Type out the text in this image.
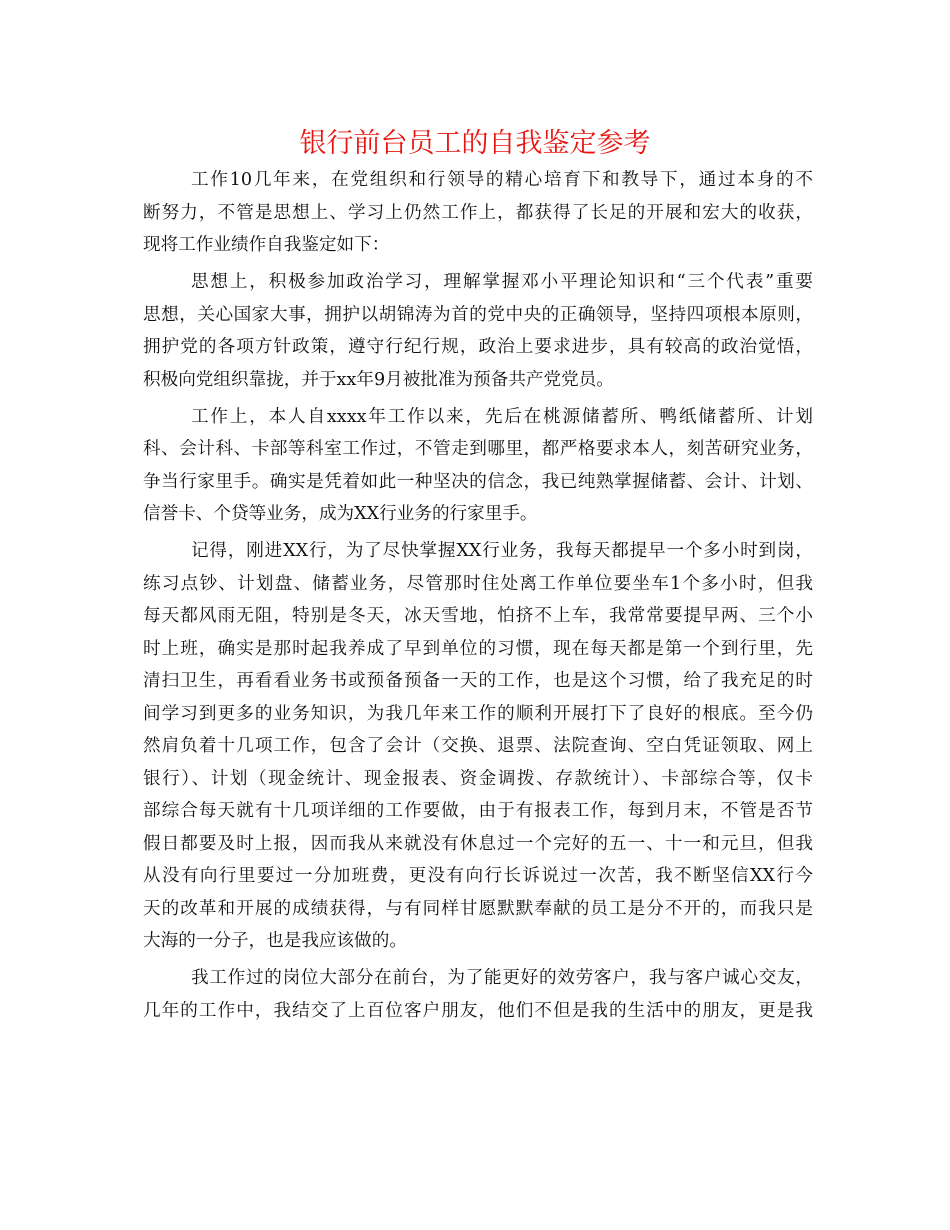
银行前台员工的自我鉴定参考
工作10几年来，在党组织和行领导的精心培育下和教导下，通过本身的不
断努力，不管是思想上、学习上仍然工作上，都获得了长足的开展和宏大的收获，
现将工作业绩作自我鉴定如下：
思想上，积极参加政治学习，理解掌握邓小平理论知识和“三个代表”重要
思想，关心国家大事，拥护以胡锦涛为首的党中央的正确领导，坚持四项根本原则，
拥护党的各项方针政策，遵守行纪行规，政治上要求进步，具有较高的政治觉悟，
积极向党组织靠拢，并于xx年9月被批准为预备共产党党员。
工作上，本人自xxxx年工作以来，先后在桃源储蓄所、鸭纸储蓄所、计划
科、会计科、卡部等科室工作过，不管走到哪里，都严格要求本人，刻苦研究业务，
争当行家里手。确实是凭着如此一种坚决的信念，我已纯熟掌握储蓄、会计、计划、
信誉卡、个贷等业务，成为XX行业务的行家里手。
记得，刚进XX行，为了尽快掌握XX行业务，我每天都提早一个多小时到岗，
练习点钞、计划盘、储蓄业务，尽管那时住处离工作单位要坐车1个多小时，但我
每天都风雨无阻，特别是冬天，冰天雪地，怕挤不上车，我常常要提早两、三个小
时上班，确实是那时起我养成了早到单位的习惯，现在每天都是第一个到行里，先
清扫卫生，再看看业务书或预备预备一天的工作，也是这个习惯，给了我充足的时
间学习到更多的业务知识，为我几年来工作的顺利开展打下了良好的根底。至今仍
然肩负着十几项工作，包含了会计（交换、退票、法院查询、空白凭证领取、网上
银行）、计划（现金统计、现金报表、资金调拨、存款统计）、卡部综合等，仅卡
部综合每天就有十几项详细的工作要做，由于有报表工作，每到月末，不管是否节
假日都要及时上报，因而我从来就没有休息过一个完好的五一、十一和元旦，但我
从没有向行里要过一分加班费，更没有向行长诉说过一次苦，我不断坚信XX行今
天的改革和开展的成绩获得，与有同样甘愿默默奉献的员工是分不开的，而我只是
大海的一分子，也是我应该做的。
我工作过的岗位大部分在前台，为了能更好的效劳客户，我与客户诚心交友，
几年的工作中，我结交了上百位客户朋友，他们不但是我的生活中的朋友，更是我
